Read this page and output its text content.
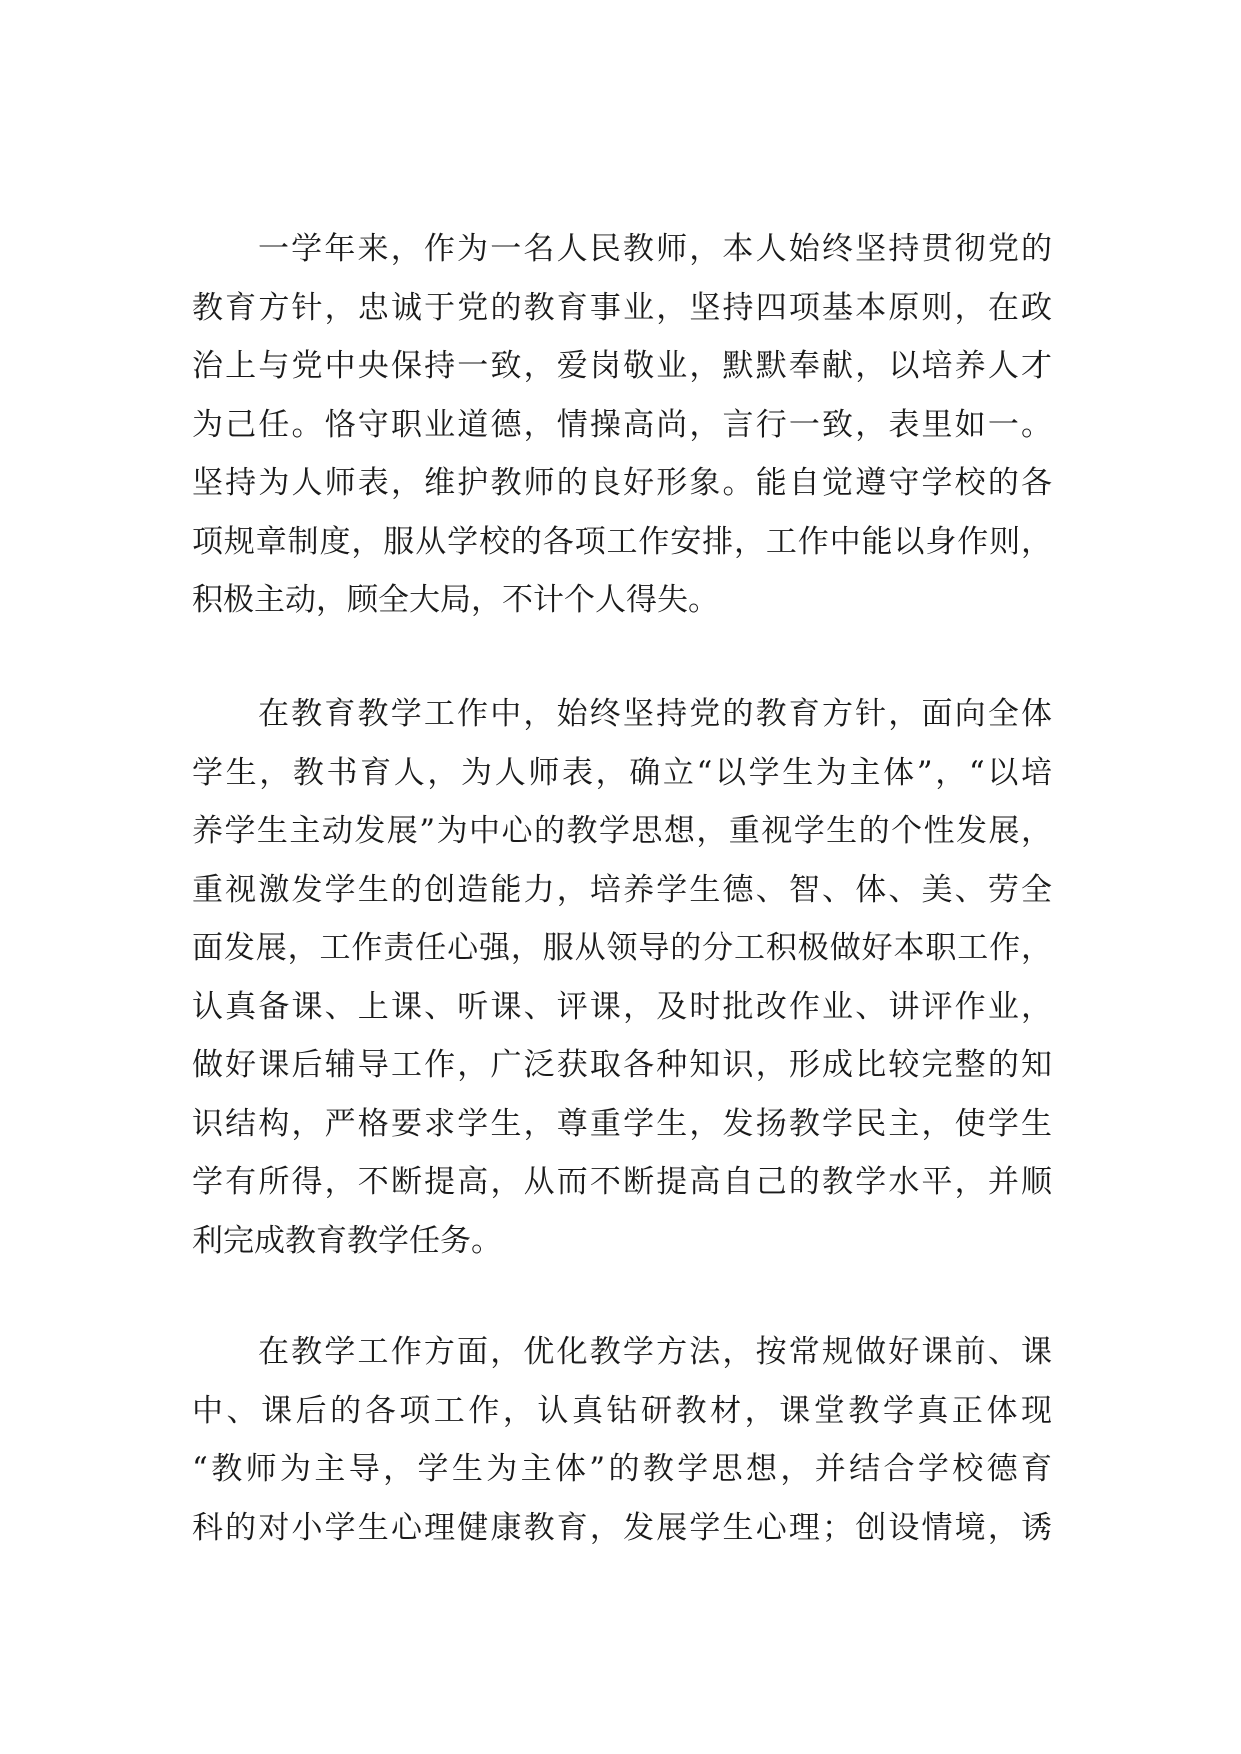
一学年来，作为一名人民教师，本人始终坚持贯彻党的
教育方针，忠诚于党的教育事业，坚持四项基本原则，在政
治上与党中央保持一致，爱岗敬业，默默奉献，以培养人才
为己任。恪守职业道德，情操高尚，言行一致，表里如一。
坚持为人师表，维护教师的良好形象。能自觉遵守学校的各
项规章制度，服从学校的各项工作安排，工作中能以身作则，
积极主动，顾全大局，不计个人得失。
在教育教学工作中，始终坚持党的教育方针，面向全体
学生，教书育人，为人师表，确立“以学生为主体”，“以培
养学生主动发展”为中心的教学思想，重视学生的个性发展，
重视激发学生的创造能力，培养学生德、智、体、美、劳全
面发展，工作责任心强，服从领导的分工积极做好本职工作，
认真备课、上课、听课、评课，及时批改作业、讲评作业，
做好课后辅导工作，广泛获取各种知识，形成比较完整的知
识结构，严格要求学生，尊重学生，发扬教学民主，使学生
学有所得，不断提高，从而不断提高自己的教学水平，并顺
利完成教育教学任务。
在教学工作方面，优化教学方法，按常规做好课前、课
中、课后的各项工作，认真钻研教材，课堂教学真正体现
“教师为主导，学生为主体”的教学思想，并结合学校德育
科的对小学生心理健康教育，发展学生心理；创设情境，诱
